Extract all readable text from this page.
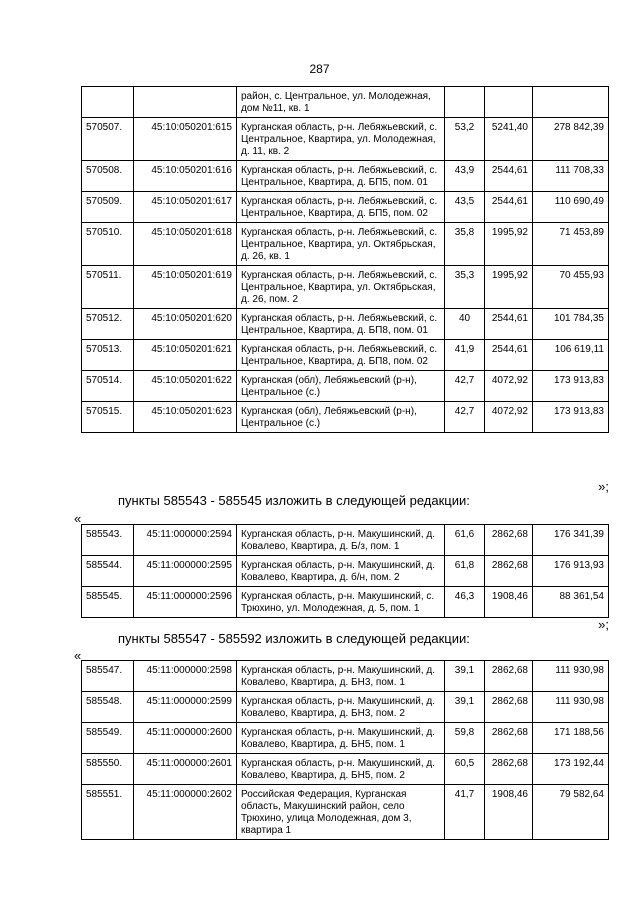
287
		район, с. Центральное, ул. Молодежная, дом №11, кв. 1			
570507.	45:10:050201:615	Курганская область, р-н. Лебяжьевский, с. Центральное, Квартира, ул. Молодежная, д. 11, кв. 2	53,2	5241,40	278 842,39
570508.	45:10:050201:616	Курганская область, р-н. Лебяжьевский, с. Центральное, Квартира, д. БП5, пом. 01	43,9	2544,61	111 708,33
570509.	45:10:050201:617	Курганская область, р-н. Лебяжьевский, с. Центральное, Квартира, д. БП5, пом. 02	43,5	2544,61	110 690,49
570510.	45:10:050201:618	Курганская область, р-н. Лебяжьевский, с. Центральное, Квартира, ул. Октябрьская, д. 26, кв. 1	35,8	1995,92	71 453,89
570511.	45:10:050201:619	Курганская область, р-н. Лебяжьевский, с. Центральное, Квартира, ул. Октябрьская, д. 26, пом. 2	35,3	1995,92	70 455,93
570512.	45:10:050201:620	Курганская область, р-н. Лебяжьевский, с. Центральное, Квартира, д. БП8, пом. 01	40	2544,61	101 784,35
570513.	45:10:050201:621	Курганская область, р-н. Лебяжьевский, с. Центральное, Квартира, д. БП8, пом. 02	41,9	2544,61	106 619,11
570514.	45:10:050201:622	Курганская (обл), Лебяжьевский (р-н), Центральное (с.)	42,7	4072,92	173 913,83
570515.	45:10:050201:623	Курганская (обл), Лебяжьевский (р-н), Центральное (с.)	42,7	4072,92	173 913,83
»;
пункты 585543 - 585545 изложить в следующей редакции:
«
585543.	45:11:000000:2594	Курганская область, р-н. Макушинский, д. Ковалево, Квартира, д. Б/з, пом. 1	61,6	2862,68	176 341,39
585544.	45:11:000000:2595	Курганская область, р-н. Макушинский, д. Ковалево, Квартира, д. б/н, пом. 2	61,8	2862,68	176 913,93
585545.	45:11:000000:2596	Курганская область, р-н. Макушинский, с. Трюхино, ул. Молодежная, д. 5, пом. 1	46,3	1908,46	88 361,54
»;
пункты 585547 - 585592 изложить в следующей редакции:
«
585547.	45:11:000000:2598	Курганская область, р-н. Макушинский, д. Ковалево, Квартира, д. БН3, пом. 1	39,1	2862,68	111 930,98
585548.	45:11:000000:2599	Курганская область, р-н. Макушинский, д. Ковалево, Квартира, д. БН3, пом. 2	39,1	2862,68	111 930,98
585549.	45:11:000000:2600	Курганская область, р-н. Макушинский, д. Ковалево, Квартира, д. БН5, пом. 1	59,8	2862,68	171 188,56
585550.	45:11:000000:2601	Курганская область, р-н. Макушинский, д. Ковалево, Квартира, д. БН5, пом. 2	60,5	2862,68	173 192,44
585551.	45:11:000000:2602	Российская Федерация, Курганская область, Макушинский район, село Трюхино, улица Молодежная, дом 3, квартира 1	41,7	1908,46	79 582,64
